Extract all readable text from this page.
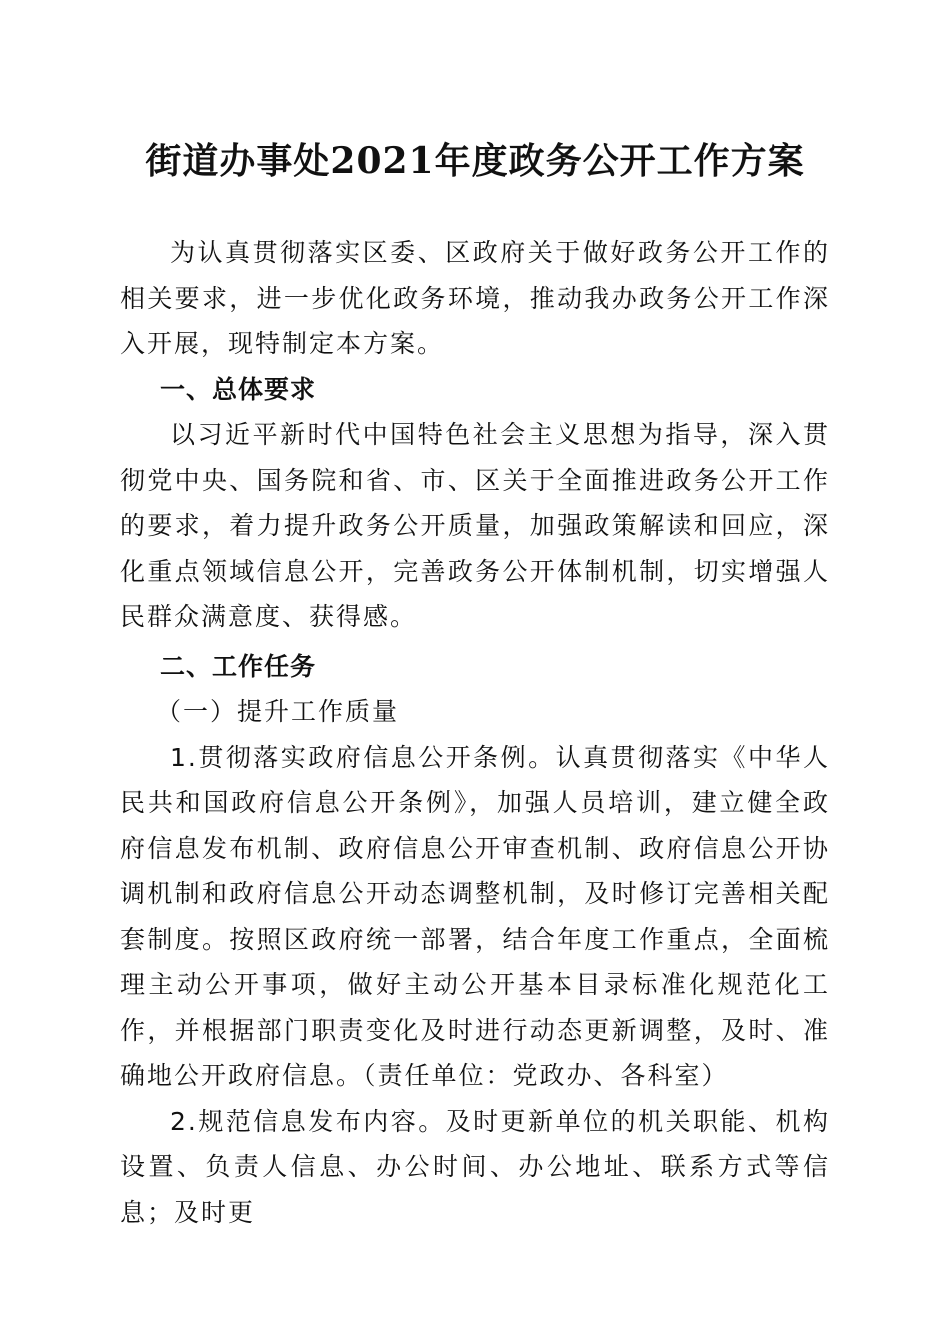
街道办事处2021年度政务公开工作方案

为认真贯彻落实区委、区政府关于做好政务公开工作的相关要求，进一步优化政务环境，推动我办政务公开工作深入开展，现特制定本方案。

一、总体要求

以习近平新时代中国特色社会主义思想为指导，深入贯彻党中央、国务院和省、市、区关于全面推进政务公开工作的要求，着力提升政务公开质量，加强政策解读和回应，深化重点领域信息公开，完善政务公开体制机制，切实增强人民群众满意度、获得感。

二、工作任务

（一）提升工作质量

1.贯彻落实政府信息公开条例。认真贯彻落实《中华人民共和国政府信息公开条例》，加强人员培训，建立健全政府信息发布机制、政府信息公开审查机制、政府信息公开协调机制和政府信息公开动态调整机制，及时修订完善相关配套制度。按照区政府统一部署，结合年度工作重点，全面梳理主动公开事项，做好主动公开基本目录标准化规范化工作，并根据部门职责变化及时进行动态更新调整，及时、准确地公开政府信息。（责任单位：党政办、各科室）

2.规范信息发布内容。及时更新单位的机关职能、机构设置、负责人信息、办公时间、办公地址、联系方式等信息；及时更
